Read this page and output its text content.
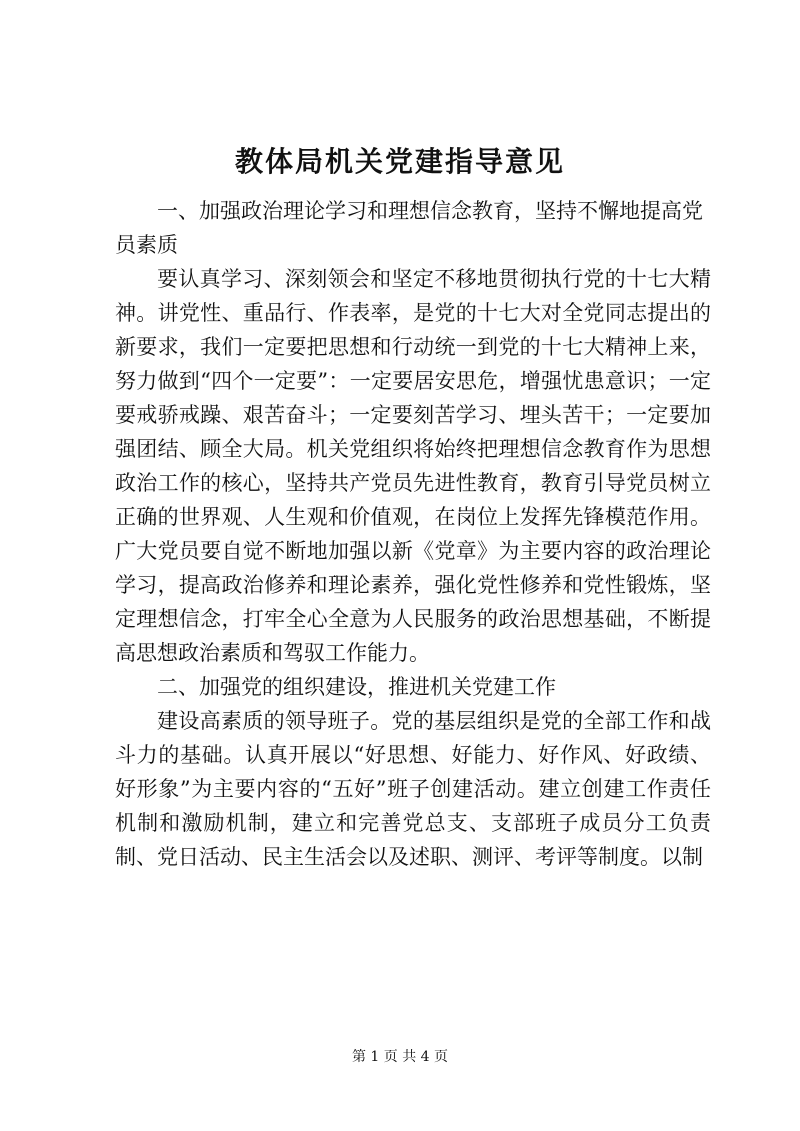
教体局机关党建指导意见

一、加强政治理论学习和理想信念教育，坚持不懈地提高党员素质

要认真学习、深刻领会和坚定不移地贯彻执行党的十七大精神。讲党性、重品行、作表率，是党的十七大对全党同志提出的新要求，我们一定要把思想和行动统一到党的十七大精神上来，努力做到“四个一定要”：一定要居安思危，增强忧患意识；一定要戒骄戒躁、艰苦奋斗；一定要刻苦学习、埋头苦干；一定要加强团结、顾全大局。机关党组织将始终把理想信念教育作为思想政治工作的核心，坚持共产党员先进性教育，教育引导党员树立正确的世界观、人生观和价值观，在岗位上发挥先锋模范作用。广大党员要自觉不断地加强以新《党章》为主要内容的政治理论学习，提高政治修养和理论素养，强化党性修养和党性锻炼，坚定理想信念，打牢全心全意为人民服务的政治思想基础，不断提高思想政治素质和驾驭工作能力。

二、加强党的组织建设，推进机关党建工作

建设高素质的领导班子。党的基层组织是党的全部工作和战斗力的基础。认真开展以“好思想、好能力、好作风、好政绩、好形象”为主要内容的“五好”班子创建活动。建立创建工作责任机制和激励机制，建立和完善党总支、支部班子成员分工负责制、党日活动、民主生活会以及述职、测评、考评等制度。以制

第 1 页 共 4 页
